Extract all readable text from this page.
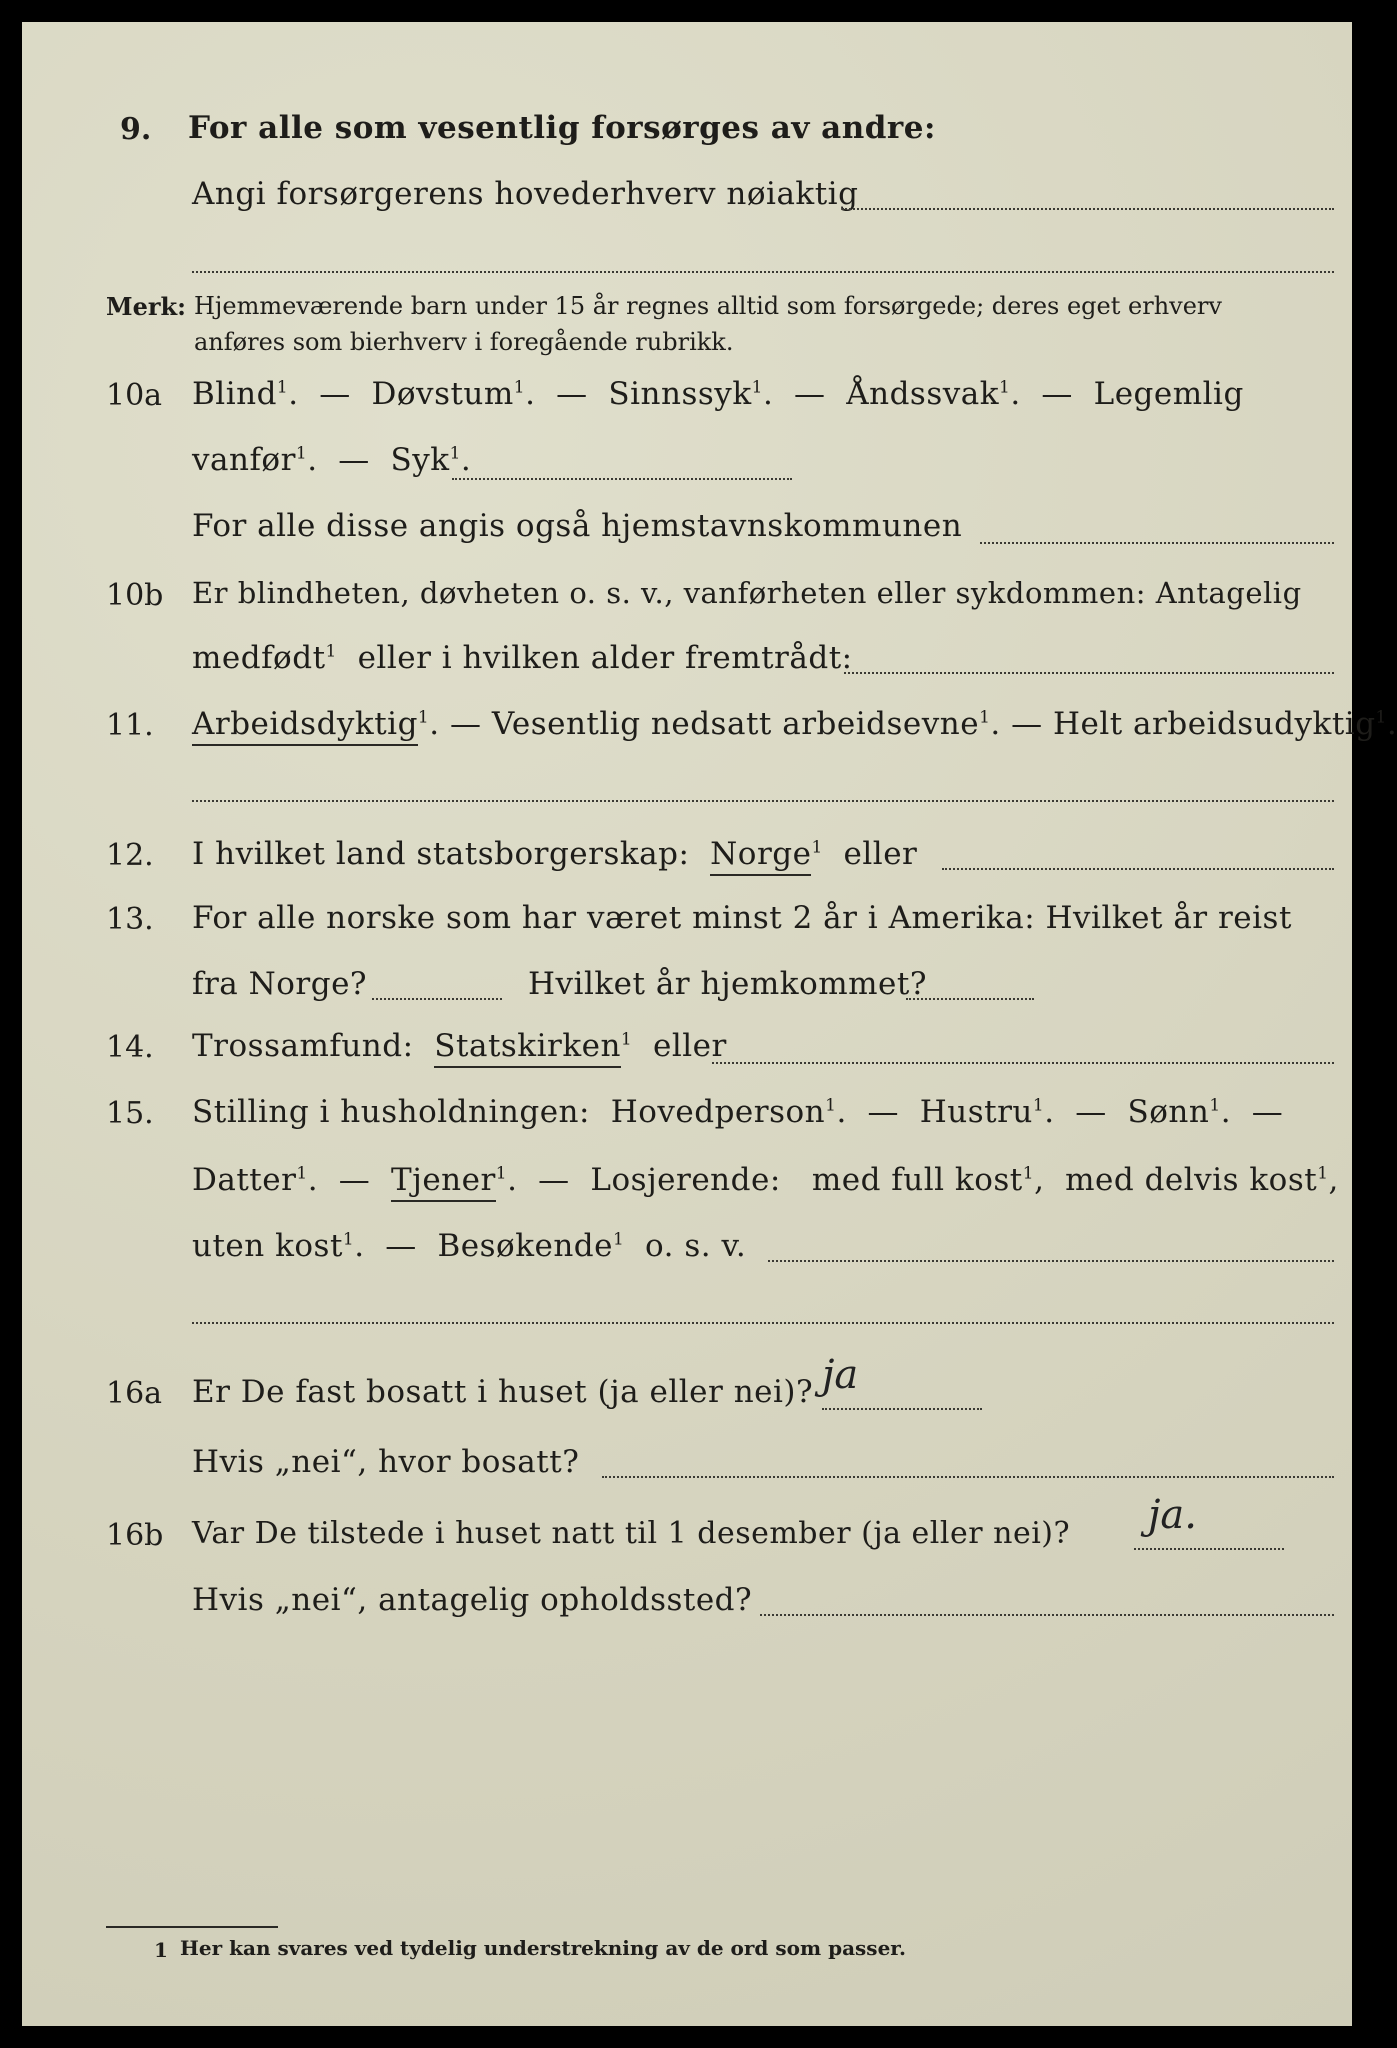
9. For alle som vesentlig forsørges av andre:
Angi forsørgerens hovederhverv nøiaktig
Merk: Hjemmeværende barn under 15 år regnes alltid som forsørgede; deres eget erhverv
anføres som bierhverv i foregående rubrikk.
10a Blind$^1$.  —  Døvstum$^1$.  —  Sinnssyk$^1$.  —  Åndssvak$^1$.  —  Legemlig
vanfør$^1$.  —  Syk$^1$.
For alle disse angis også hjemstavnskommunen
10b Er blindheten, døvheten o. s. v., vanførheten eller sykdommen: Antagelig
medfødt$^1$ eller i hvilken alder fremtrådt:
11. Arbeidsdyktig$^1$. — Vesentlig nedsatt arbeidsevne$^1$. — Helt arbeidsudyktig$^1$.
12. I hvilket land statsborgerskap: Norge$^1$ eller
13. For alle norske som har været minst 2 år i Amerika: Hvilket år reist
fra Norge?	Hvilket år hjemkommet?
14. Trossamfund: Statskirken$^1$ eller
15. Stilling i husholdningen: Hovedperson$^1$.  —  Hustru$^1$.  —  Sønn$^1$.  —
Datter$^1$.  —  Tjener$^1$.  —  Losjerende: med full kost$^1$,  med delvis kost$^1$,
uten kost$^1$.  —  Besøkende$^1$ o. s. v.
16a Er De fast bosatt i huset (ja eller nei)? ja
Hvis „nei“, hvor bosatt?
16b Var De tilstede i huset natt til 1 desember (ja eller nei)? ja.
Hvis „nei“, antagelig opholdssted?
1 Her kan svares ved tydelig understrekning av de ord som passer.
